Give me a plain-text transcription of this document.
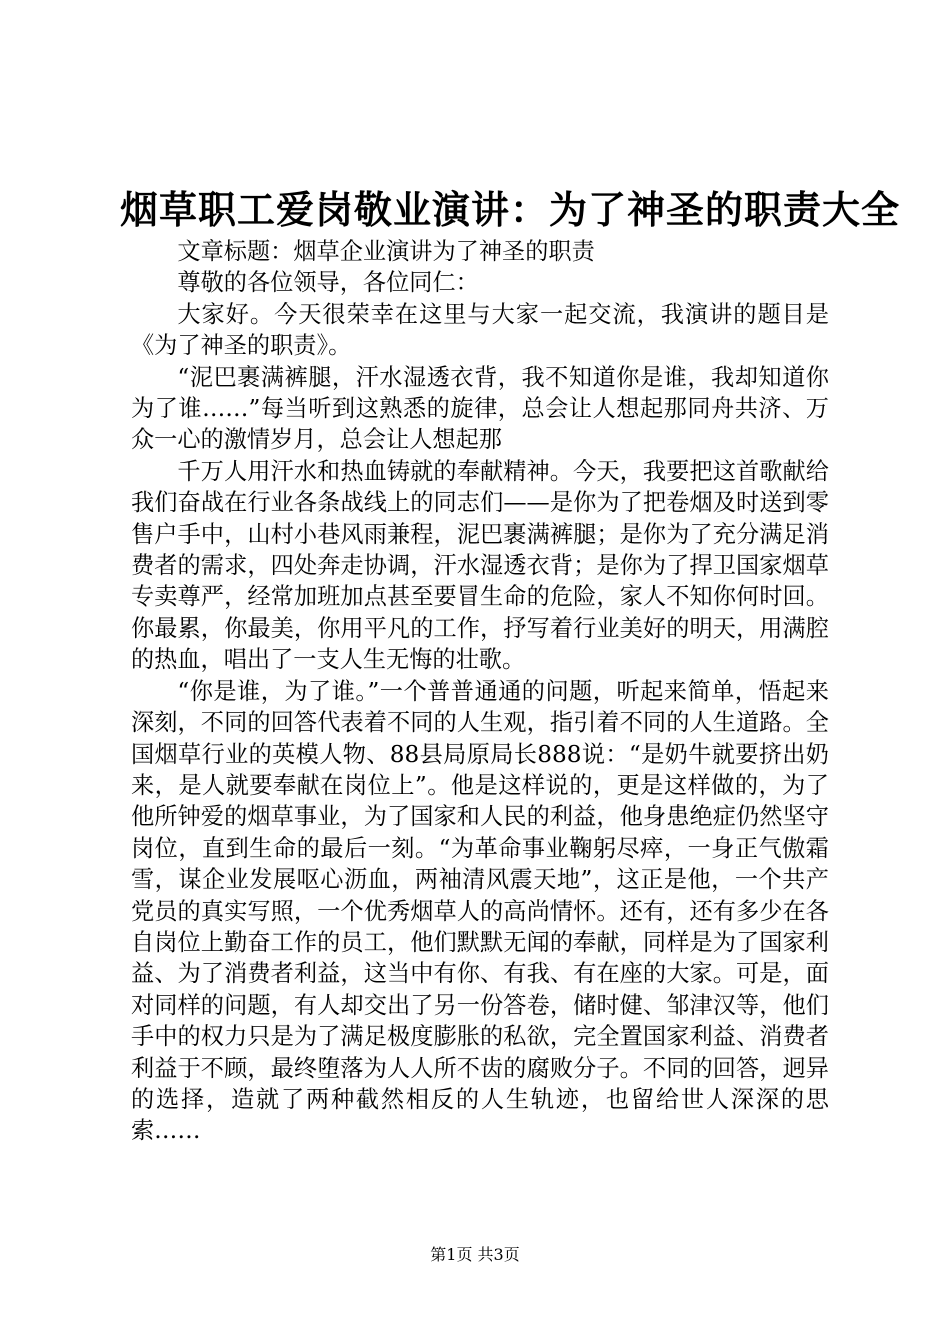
烟草职工爱岗敬业演讲：为了神圣的职责大全

文章标题：烟草企业演讲为了神圣的职责

尊敬的各位领导，各位同仁：

大家好。今天很荣幸在这里与大家一起交流，我演讲的题目是《为了神圣的职责》。

“泥巴裹满裤腿，汗水湿透衣背，我不知道你是谁，我却知道你为了谁……”每当听到这熟悉的旋律，总会让人想起那同舟共济、万众一心的激情岁月，总会让人想起那

千万人用汗水和热血铸就的奉献精神。今天，我要把这首歌献给我们奋战在行业各条战线上的同志们——是你为了把卷烟及时送到零售户手中，山村小巷风雨兼程，泥巴裹满裤腿；是你为了充分满足消费者的需求，四处奔走协调，汗水湿透衣背；是你为了捍卫国家烟草专卖尊严，经常加班加点甚至要冒生命的危险，家人不知你何时回。你最累，你最美，你用平凡的工作，抒写着行业美好的明天，用满腔的热血，唱出了一支人生无悔的壮歌。

“你是谁，为了谁。”一个普普通通的问题，听起来简单，悟起来深刻，不同的回答代表着不同的人生观，指引着不同的人生道路。全国烟草行业的英模人物、88县局原局长888说：“是奶牛就要挤出奶来，是人就要奉献在岗位上”。他是这样说的，更是这样做的，为了他所钟爱的烟草事业，为了国家和人民的利益，他身患绝症仍然坚守岗位，直到生命的最后一刻。“为革命事业鞠躬尽瘁，一身正气傲霜雪，谋企业发展呕心沥血，两袖清风震天地”，这正是他，一个共产党员的真实写照，一个优秀烟草人的高尚情怀。还有，还有多少在各自岗位上勤奋工作的员工，他们默默无闻的奉献，同样是为了国家利益、为了消费者利益，这当中有你、有我、有在座的大家。可是，面对同样的问题，有人却交出了另一份答卷，储时健、邹津汉等，他们手中的权力只是为了满足极度膨胀的私欲，完全置国家利益、消费者利益于不顾，最终堕落为人人所不齿的腐败分子。不同的回答，迥异的选择，造就了两种截然相反的人生轨迹，也留给世人深深的思索……

第1页 共3页
